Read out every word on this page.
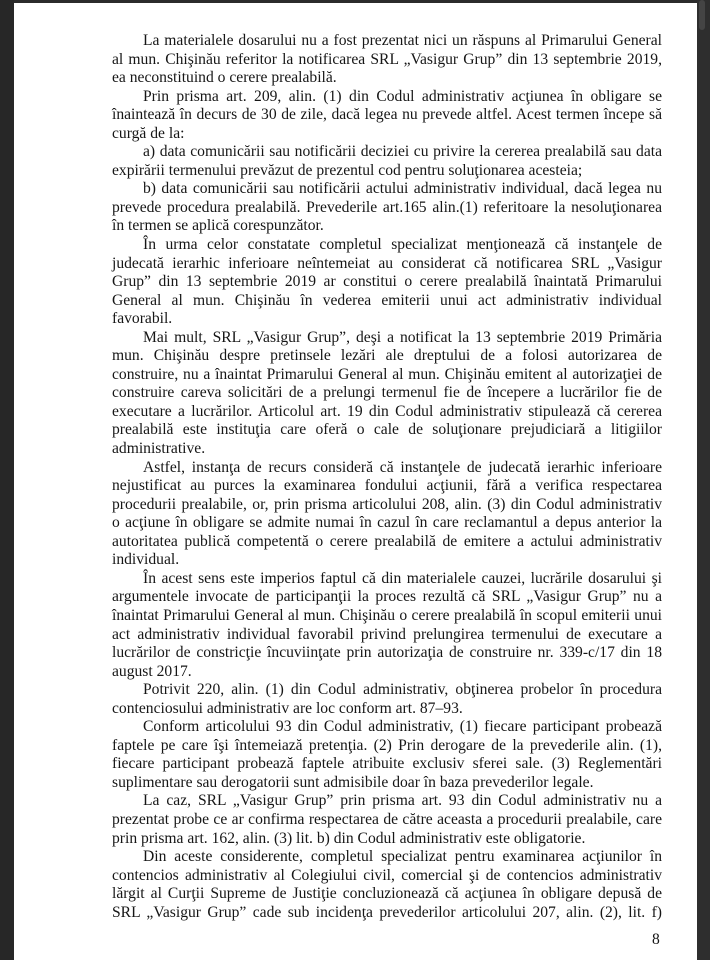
La materialele dosarului nu a fost prezentat nici un răspuns al Primarului General
al mun. Chişinău referitor la notificarea SRL „Vasigur Grup” din 13 septembrie 2019,
ea neconstituind o cerere prealabilă.
Prin prisma art. 209, alin. (1) din Codul administrativ acţiunea în obligare se
înaintează în decurs de 30 de zile, dacă legea nu prevede altfel. Acest termen începe să
curgă de la:
a) data comunicării sau notificării deciziei cu privire la cererea prealabilă sau data
expirării termenului prevăzut de prezentul cod pentru soluţionarea acesteia;
b) data comunicării sau notificării actului administrativ individual, dacă legea nu
prevede procedura prealabilă. Prevederile art.165 alin.(1) referitoare la nesoluţionarea
în termen se aplică corespunzător.
În urma celor constatate completul specializat menţionează că instanţele de
judecată ierarhic inferioare neîntemeiat au considerat că notificarea SRL „Vasigur
Grup” din 13 septembrie 2019 ar constitui o cerere prealabilă înaintată Primarului
General al mun. Chişinău în vederea emiterii unui act administrativ individual
favorabil.
Mai mult, SRL „Vasigur Grup”, deşi a notificat la 13 septembrie 2019 Primăria
mun. Chişinău despre pretinsele lezări ale dreptului de a folosi autorizarea de
construire, nu a înaintat Primarului General al mun. Chişinău emitent al autorizaţiei de
construire careva solicitări de a prelungi termenul fie de începere a lucrărilor fie de
executare a lucrărilor. Articolul art. 19 din Codul administrativ stipulează că cererea
prealabilă este instituţia care oferă o cale de soluţionare prejudiciară a litigiilor
administrative.
Astfel, instanţa de recurs consideră că instanţele de judecată ierarhic inferioare
nejustificat au purces la examinarea fondului acţiunii, fără a verifica respectarea
procedurii prealabile, or, prin prisma articolului 208, alin. (3) din Codul administrativ
o acţiune în obligare se admite numai în cazul în care reclamantul a depus anterior la
autoritatea publică competentă o cerere prealabilă de emitere a actului administrativ
individual.
În acest sens este imperios faptul că din materialele cauzei, lucrările dosarului şi
argumentele invocate de participanţii la proces rezultă că SRL „Vasigur Grup” nu a
înaintat Primarului General al mun. Chişinău o cerere prealabilă în scopul emiterii unui
act administrativ individual favorabil privind prelungirea termenului de executare a
lucrărilor de constricţie încuviinţate prin autorizaţia de construire nr. 339-c/17 din 18
august 2017.
Potrivit 220, alin. (1) din Codul administrativ, obţinerea probelor în procedura
contenciosului administrativ are loc conform art. 87–93.
Conform articolului 93 din Codul administrativ, (1) fiecare participant probează
faptele pe care îşi întemeiază pretenţia. (2) Prin derogare de la prevederile alin. (1),
fiecare participant probează faptele atribuite exclusiv sferei sale. (3) Reglementări
suplimentare sau derogatorii sunt admisibile doar în baza prevederilor legale.
La caz, SRL „Vasigur Grup” prin prisma art. 93 din Codul administrativ nu a
prezentat probe ce ar confirma respectarea de către aceasta a procedurii prealabile, care
prin prisma art. 162, alin. (3) lit. b) din Codul administrativ este obligatorie.
Din aceste considerente, completul specializat pentru examinarea acţiunilor în
contencios administrativ al Colegiului civil, comercial şi de contencios administrativ
lărgit al Curţii Supreme de Justiţie concluzionează că acţiunea în obligare depusă de
SRL „Vasigur Grup” cade sub incidenţa prevederilor articolului 207, alin. (2), lit. f)
8
